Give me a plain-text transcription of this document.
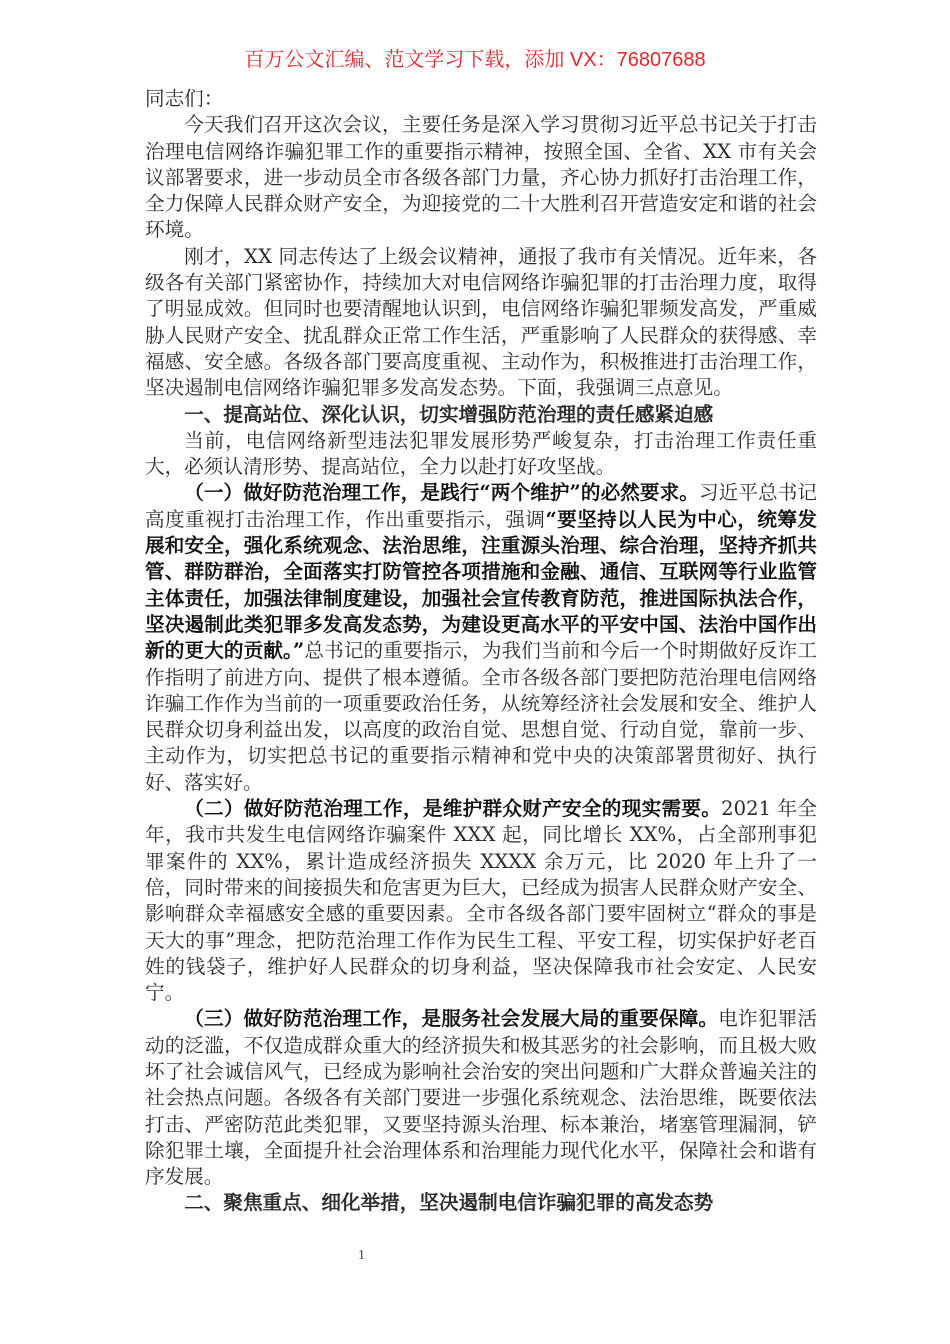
百万公文汇编、范文学习下载，添加 VX：76807688

同志们：

今天我们召开这次会议，主要任务是深入学习贯彻习近平总书记关于打击治理电信网络诈骗犯罪工作的重要指示精神，按照全国、全省、XX 市有关会议部署要求，进一步动员全市各级各部门力量，齐心协力抓好打击治理工作，全力保障人民群众财产安全，为迎接党的二十大胜利召开营造安定和谐的社会环境。

刚才，XX 同志传达了上级会议精神，通报了我市有关情况。近年来，各级各有关部门紧密协作，持续加大对电信网络诈骗犯罪的打击治理力度，取得了明显成效。但同时也要清醒地认识到，电信网络诈骗犯罪频发高发，严重威胁人民财产安全、扰乱群众正常工作生活，严重影响了人民群众的获得感、幸福感、安全感。各级各部门要高度重视、主动作为，积极推进打击治理工作，坚决遏制电信网络诈骗犯罪多发高发态势。下面，我强调三点意见。

一、提高站位、深化认识，切实增强防范治理的责任感紧迫感

当前，电信网络新型违法犯罪发展形势严峻复杂，打击治理工作责任重大，必须认清形势、提高站位，全力以赴打好攻坚战。

（一）做好防范治理工作，是践行“两个维护”的必然要求。习近平总书记高度重视打击治理工作，作出重要指示，强调“要坚持以人民为中心，统筹发展和安全，强化系统观念、法治思维，注重源头治理、综合治理，坚持齐抓共管、群防群治，全面落实打防管控各项措施和金融、通信、互联网等行业监管主体责任，加强法律制度建设，加强社会宣传教育防范，推进国际执法合作，坚决遏制此类犯罪多发高发态势，为建设更高水平的平安中国、法治中国作出新的更大的贡献。”总书记的重要指示，为我们当前和今后一个时期做好反诈工作指明了前进方向、提供了根本遵循。全市各级各部门要把防范治理电信网络诈骗工作作为当前的一项重要政治任务，从统筹经济社会发展和安全、维护人民群众切身利益出发，以高度的政治自觉、思想自觉、行动自觉，靠前一步、主动作为，切实把总书记的重要指示精神和党中央的决策部署贯彻好、执行好、落实好。

（二）做好防范治理工作，是维护群众财产安全的现实需要。2021 年全年，我市共发生电信网络诈骗案件 XXX 起，同比增长 XX%，占全部刑事犯罪案件的 XX%，累计造成经济损失 XXXX 余万元，比 2020 年上升了一倍，同时带来的间接损失和危害更为巨大，已经成为损害人民群众财产安全、影响群众幸福感安全感的重要因素。全市各级各部门要牢固树立“群众的事是天大的事”理念，把防范治理工作作为民生工程、平安工程，切实保护好老百姓的钱袋子，维护好人民群众的切身利益，坚决保障我市社会安定、人民安宁。

（三）做好防范治理工作，是服务社会发展大局的重要保障。电诈犯罪活动的泛滥，不仅造成群众重大的经济损失和极其恶劣的社会影响，而且极大败坏了社会诚信风气，已经成为影响社会治安的突出问题和广大群众普遍关注的社会热点问题。各级各有关部门要进一步强化系统观念、法治思维，既要依法打击、严密防范此类犯罪，又要坚持源头治理、标本兼治，堵塞管理漏洞，铲除犯罪土壤，全面提升社会治理体系和治理能力现代化水平，保障社会和谐有序发展。

二、聚焦重点、细化举措，坚决遏制电信诈骗犯罪的高发态势

1
